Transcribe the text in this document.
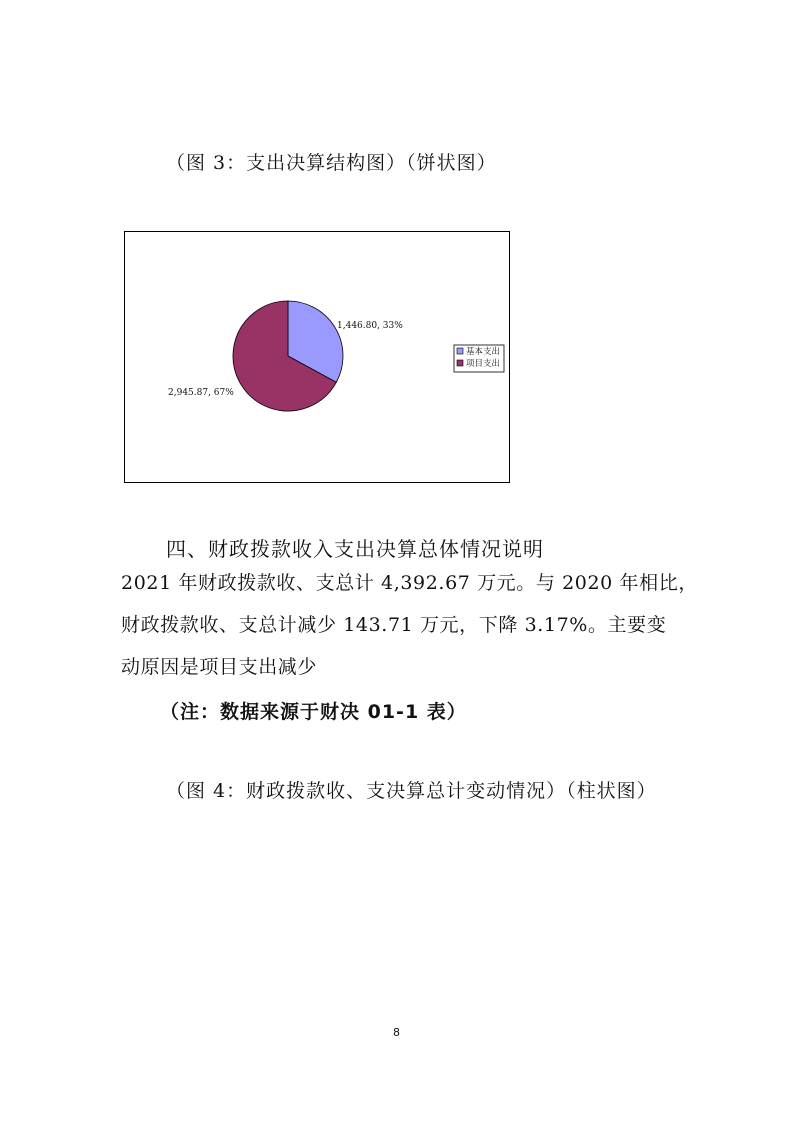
（图 3：支出决算结构图）（饼状图）
1,446.80, 33%
2,945.87, 67%
基本支出
项目支出
四、财政拨款收入支出决算总体情况说明
2021 年财政拨款收、支总计 4,392.67 万元。与 2020 年相比，
财政拨款收、支总计减少 143.71 万元，下降 3.17%。主要变
动原因是项目支出减少
（注：数据来源于财决 01-1 表）
（图 4：财政拨款收、支决算总计变动情况）（柱状图）
8
